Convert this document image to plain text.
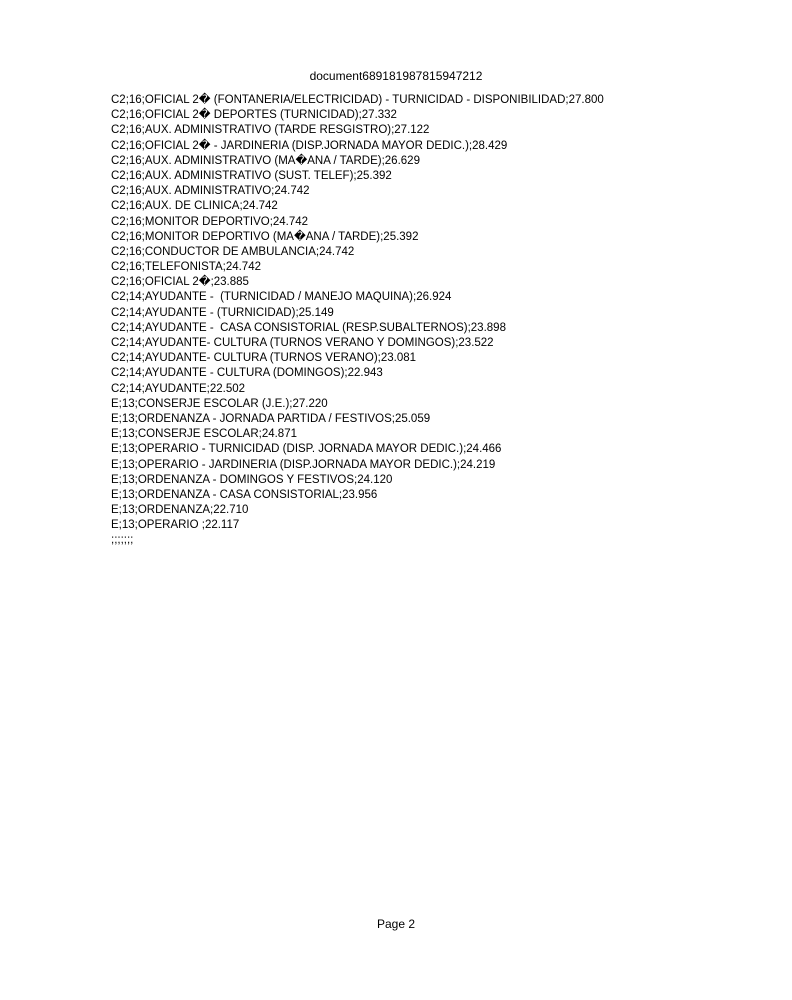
document689181987815947212
C2;16;OFICIAL 2� (FONTANERIA/ELECTRICIDAD) - TURNICIDAD - DISPONIBILIDAD;27.800
C2;16;OFICIAL 2� DEPORTES (TURNICIDAD);27.332
C2;16;AUX. ADMINISTRATIVO (TARDE RESGISTRO);27.122
C2;16;OFICIAL 2� - JARDINERIA (DISP.JORNADA MAYOR DEDIC.);28.429
C2;16;AUX. ADMINISTRATIVO (MA�ANA / TARDE);26.629
C2;16;AUX. ADMINISTRATIVO (SUST. TELEF);25.392
C2;16;AUX. ADMINISTRATIVO;24.742
C2;16;AUX. DE CLINICA;24.742
C2;16;MONITOR DEPORTIVO;24.742
C2;16;MONITOR DEPORTIVO (MA�ANA / TARDE);25.392
C2;16;CONDUCTOR DE AMBULANCIA;24.742
C2;16;TELEFONISTA;24.742
C2;16;OFICIAL 2�;23.885
C2;14;AYUDANTE -  (TURNICIDAD / MANEJO MAQUINA);26.924
C2;14;AYUDANTE - (TURNICIDAD);25.149
C2;14;AYUDANTE -  CASA CONSISTORIAL (RESP.SUBALTERNOS);23.898
C2;14;AYUDANTE- CULTURA (TURNOS VERANO Y DOMINGOS);23.522
C2;14;AYUDANTE- CULTURA (TURNOS VERANO);23.081
C2;14;AYUDANTE - CULTURA (DOMINGOS);22.943
C2;14;AYUDANTE;22.502
E;13;CONSERJE ESCOLAR (J.E.);27.220
E;13;ORDENANZA - JORNADA PARTIDA / FESTIVOS;25.059
E;13;CONSERJE ESCOLAR;24.871
E;13;OPERARIO - TURNICIDAD (DISP. JORNADA MAYOR DEDIC.);24.466
E;13;OPERARIO - JARDINERIA (DISP.JORNADA MAYOR DEDIC.);24.219
E;13;ORDENANZA - DOMINGOS Y FESTIVOS;24.120
E;13;ORDENANZA - CASA CONSISTORIAL;23.956
E;13;ORDENANZA;22.710
E;13;OPERARIO ;22.117
;;;;;;;
Page 2
